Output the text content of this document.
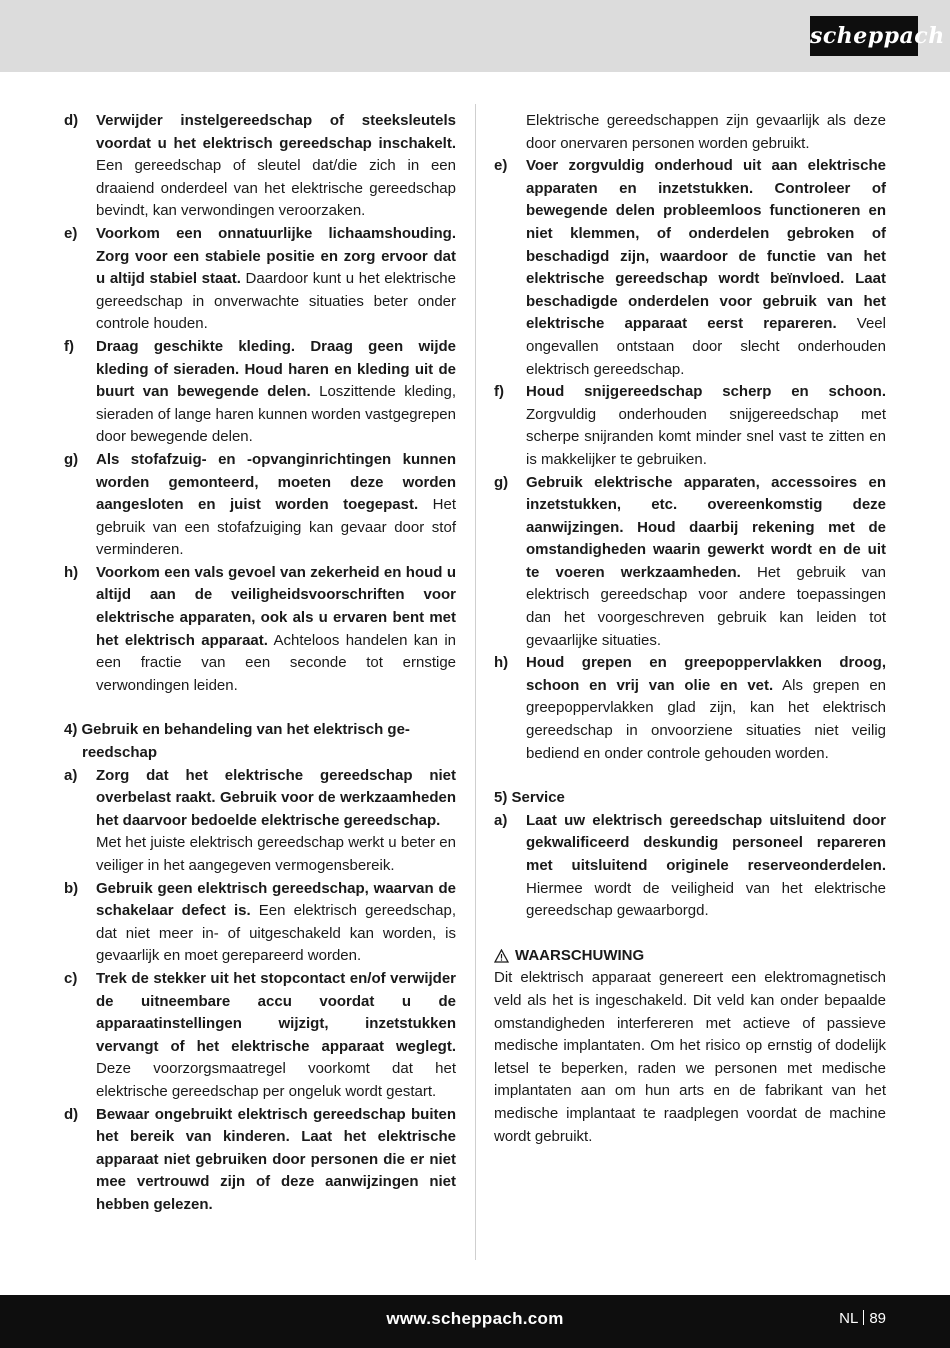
scheppach
d)	Verwijder instelgereedschap of steeksleutels voordat u het elektrisch gereedschap inschakelt. Een gereedschap of sleutel dat/die zich in een draaiend onderdeel van het elektrische gereedschap bevindt, kan verwondingen veroorzaken.
e)	Voorkom een onnatuurlijke lichaamshouding. Zorg voor een stabiele positie en zorg ervoor dat u altijd stabiel staat. Daardoor kunt u het elektrische gereedschap in onverwachte situaties beter onder controle houden.
f)	Draag geschikte kleding. Draag geen wijde kleding of sieraden. Houd haren en kleding uit de buurt van bewegende delen. Loszittende kleding, sieraden of lange haren kunnen worden vastgegrepen door bewegende delen.
g)	Als stofafzuig- en -opvanginrichtingen kunnen worden gemonteerd, moeten deze worden aangesloten en juist worden toegepast. Het gebruik van een stofafzuiging kan gevaar door stof verminderen.
h)	Voorkom een vals gevoel van zekerheid en houd u altijd aan de veiligheidsvoorschriften voor elektrische apparaten, ook als u ervaren bent met het elektrisch apparaat. Achteloos handelen kan in een fractie van een seconde tot ernstige verwondingen leiden.
4) Gebruik en behandeling van het elektrisch ge-
reedschap
a)	Zorg dat het elektrische gereedschap niet overbelast raakt. Gebruik voor de werkzaamheden het daarvoor bedoelde elektrische gereedschap.
Met het juiste elektrisch gereedschap werkt u beter en veiliger in het aangegeven vermogensbereik.
b)	Gebruik geen elektrisch gereedschap, waarvan de schakelaar defect is. Een elektrisch gereedschap, dat niet meer in- of uitgeschakeld kan worden, is gevaarlijk en moet gerepareerd worden.
c)	Trek de stekker uit het stopcontact en/of verwijder de uitneembare accu voordat u de apparaatinstellingen wijzigt, inzetstukken vervangt of het elektrische apparaat weglegt. Deze voorzorgsmaatregel voorkomt dat het elektrische gereedschap per ongeluk wordt gestart.
d)	Bewaar ongebruikt elektrisch gereedschap buiten het bereik van kinderen. Laat het elektrische apparaat niet gebruiken door personen die er niet mee vertrouwd zijn of deze aanwijzingen niet hebben gelezen.
Elektrische gereedschappen zijn gevaarlijk als deze door onervaren personen worden gebruikt.
e)	Voer zorgvuldig onderhoud uit aan elektrische apparaten en inzetstukken. Controleer of bewegende delen probleemloos functioneren en niet klemmen, of onderdelen gebroken of beschadigd zijn, waardoor de functie van het elektrische gereedschap wordt beïnvloed. Laat beschadigde onderdelen voor gebruik van het elektrische apparaat eerst repareren. Veel ongevallen ontstaan door slecht onderhouden elektrisch gereedschap.
f)	Houd snijgereedschap scherp en schoon. Zorgvuldig onderhouden snijgereedschap met scherpe snijranden komt minder snel vast te zitten en is makkelijker te gebruiken.
g)	Gebruik elektrische apparaten, accessoires en inzetstukken, etc. overeenkomstig deze aanwijzingen. Houd daarbij rekening met de omstandigheden waarin gewerkt wordt en de uit te voeren werkzaamheden. Het gebruik van elektrisch gereedschap voor andere toepassingen dan het voorgeschreven gebruik kan leiden tot gevaarlijke situaties.
h)	Houd grepen en greepoppervlakken droog, schoon en vrij van olie en vet. Als grepen en greepoppervlakken glad zijn, kan het elektrisch gereedschap in onvoorziene situaties niet veilig bediend en onder controle gehouden worden.
5) Service
a)	Laat uw elektrisch gereedschap uitsluitend door gekwalificeerd deskundig personeel repareren met uitsluitend originele reserveonderdelen. Hiermee wordt de veiligheid van het elektrische gereedschap gewaarborgd.
WAARSCHUWING
Dit elektrisch apparaat genereert een elektromagnetisch veld als het is ingeschakeld. Dit veld kan onder bepaalde omstandigheden interfereren met actieve of passieve medische implantaten. Om het risico op ernstig of dodelijk letsel te beperken, raden we personen met medische implantaten aan om hun arts en de fabrikant van het medische implantaat te raadplegen voordat de machine wordt gebruikt.
www.scheppach.com	NL 89
